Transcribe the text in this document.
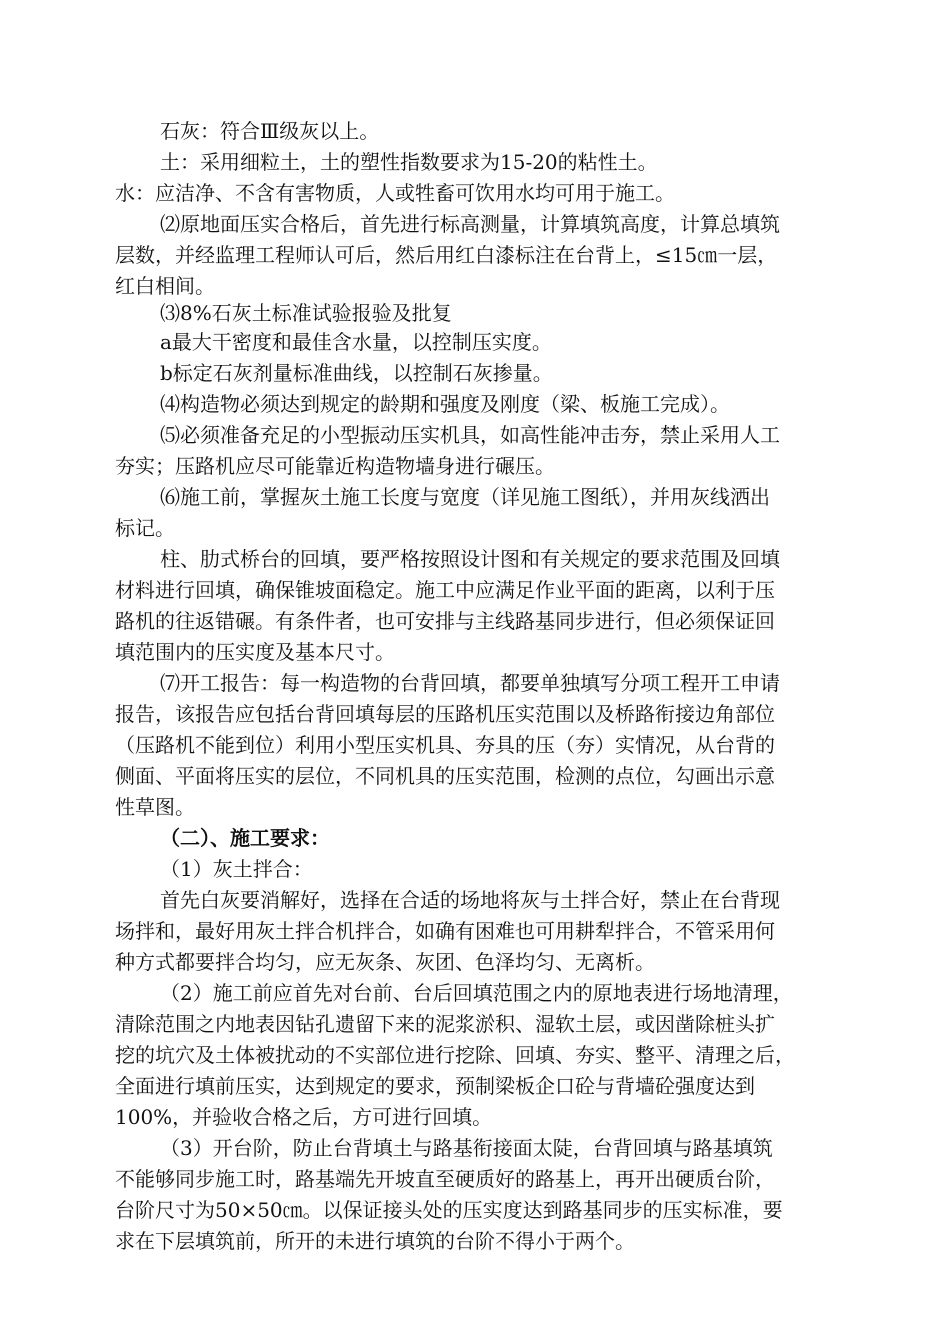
石灰：符合Ⅲ级灰以上。
土：采用细粒土，土的塑性指数要求为15-20的粘性土。
水：应洁净、不含有害物质，人或牲畜可饮用水均可用于施工。
⑵原地面压实合格后，首先进行标高测量，计算填筑高度，计算总填筑
层数，并经监理工程师认可后，然后用红白漆标注在台背上，≤15㎝一层，
红白相间。
⑶8%石灰土标准试验报验及批复
a最大干密度和最佳含水量，以控制压实度。
b标定石灰剂量标准曲线，以控制石灰掺量。
⑷构造物必须达到规定的龄期和强度及刚度（梁、板施工完成）。
⑸必须准备充足的小型振动压实机具，如高性能冲击夯，禁止采用人工
夯实；压路机应尽可能靠近构造物墙身进行碾压。
⑹施工前，掌握灰土施工长度与宽度（详见施工图纸），并用灰线洒出
标记。
柱、肋式桥台的回填，要严格按照设计图和有关规定的要求范围及回填
材料进行回填，确保锥坡面稳定。施工中应满足作业平面的距离，以利于压
路机的往返错碾。有条件者，也可安排与主线路基同步进行，但必须保证回
填范围内的压实度及基本尺寸。
⑺开工报告：每一构造物的台背回填，都要单独填写分项工程开工申请
报告，该报告应包括台背回填每层的压路机压实范围以及桥路衔接边角部位
（压路机不能到位）利用小型压实机具、夯具的压（夯）实情况，从台背的
侧面、平面将压实的层位，不同机具的压实范围，检测的点位，勾画出示意
性草图。
（二）、施工要求：
（1）灰土拌合：
首先白灰要消解好，选择在合适的场地将灰与土拌合好，禁止在台背现
场拌和，最好用灰土拌合机拌合，如确有困难也可用耕犁拌合，不管采用何
种方式都要拌合均匀，应无灰条、灰团、色泽均匀、无离析。
（2）施工前应首先对台前、台后回填范围之内的原地表进行场地清理，
清除范围之内地表因钻孔遗留下来的泥浆淤积、湿软土层，或因凿除桩头扩
挖的坑穴及土体被扰动的不实部位进行挖除、回填、夯实、整平、清理之后，
全面进行填前压实，达到规定的要求，预制梁板企口砼与背墙砼强度达到
100%，并验收合格之后，方可进行回填。
（3）开台阶，防止台背填土与路基衔接面太陡，台背回填与路基填筑
不能够同步施工时，路基端先开坡直至硬质好的路基上，再开出硬质台阶，
台阶尺寸为50×50㎝。以保证接头处的压实度达到路基同步的压实标准，要
求在下层填筑前，所开的未进行填筑的台阶不得小于两个。
